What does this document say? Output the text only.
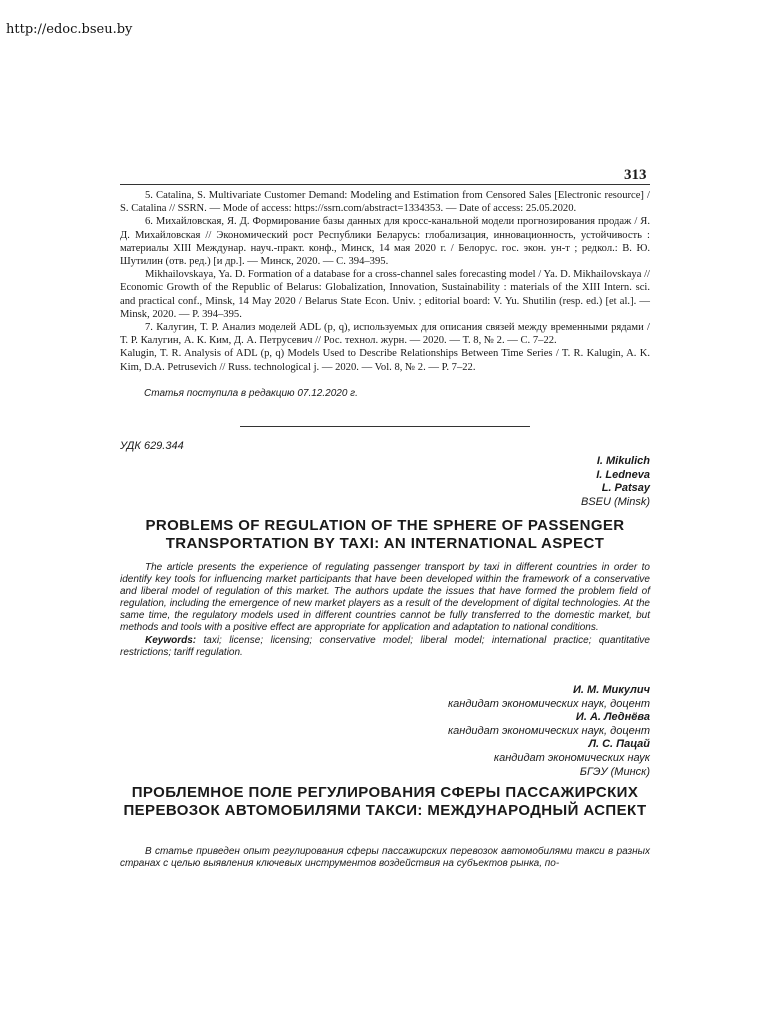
http://edoc.bseu.by
313

5. Catalina, S. Multivariate Customer Demand: Modeling and Estimation from Censored Sales [Electronic resource] / S. Catalina // SSRN. — Mode of access: https://ssrn.com/abstract=1334353. — Date of access: 25.05.2020.

6. Михайловская, Я. Д. Формирование базы данных для кросс-канальной модели прогнозирования продаж / Я. Д. Михайловская // Экономический рост Республики Беларусь: глобализация, инновационность, устойчивость : материалы XIII Междунар. науч.-практ. конф., Минск, 14 мая 2020 г. / Белорус. гос. экон. ун-т ; редкол.: В. Ю. Шутилин (отв. ред.) [и др.]. — Минск, 2020. — С. 394–395.

Mikhailovskaya, Ya. D. Formation of a database for a cross-channel sales forecasting model / Ya. D. Mikhailovskaya // Economic Growth of the Republic of Belarus: Globalization, Innovation, Sustainability : materials of the XIII Intern. sci. and practical conf., Minsk, 14 May 2020 / Belarus State Econ. Univ. ; editorial board: V. Yu. Shutilin (resp. ed.) [et al.]. — Minsk, 2020. — P. 394–395.

7. Калугин, Т. Р. Анализ моделей ADL (p, q), используемых для описания связей между временными рядами / Т. Р. Калугин, А. К. Ким, Д. А. Петрусевич // Рос. технол. журн. — 2020. — Т. 8, № 2. — С. 7–22.

Kalugin, T. R. Analysis of ADL (p, q) Models Used to Describe Relationships Between Time Series / T. R. Kalugin, A. K. Kim, D.A. Petrusevich // Russ. technological j. — 2020. — Vol. 8, № 2. — P. 7–22.

Статья поступила в редакцию 07.12.2020 г.
УДК 629.344
I. Mikulich
I. Ledneva
L. Patsay
BSEU (Minsk)
PROBLEMS OF REGULATION OF THE SPHERE OF PASSENGER TRANSPORTATION BY TAXI: AN INTERNATIONAL ASPECT

The article presents the experience of regulating passenger transport by taxi in different countries in order to identify key tools for influencing market participants that have been developed within the framework of a conservative and liberal model of regulation of this market. The authors update the issues that have formed the problem field of regulation, including the emergence of new market players as a result of the development of digital technologies. At the same time, the regulatory models used in different countries cannot be fully transferred to the domestic market, but methods and tools with a positive effect are appropriate for application and adaptation to national conditions.

Keywords: taxi; license; licensing; conservative model; liberal model; international practice; quantitative restrictions; tariff regulation.

И. М. Микулич
кандидат экономических наук, доцент
И. А. Леднёва
кандидат экономических наук, доцент
Л. С. Пацай
кандидат экономических наук
БГЭУ (Минск)
ПРОБЛЕМНОЕ ПОЛЕ РЕГУЛИРОВАНИЯ СФЕРЫ ПАССАЖИРСКИХ ПЕРЕВОЗОК АВТОМОБИЛЯМИ ТАКСИ: МЕЖДУНАРОДНЫЙ АСПЕКТ

В статье приведен опыт регулирования сферы пассажирских перевозок автомобилями такси в разных странах с целью выявления ключевых инструментов воздействия на субъектов рынка, по-
